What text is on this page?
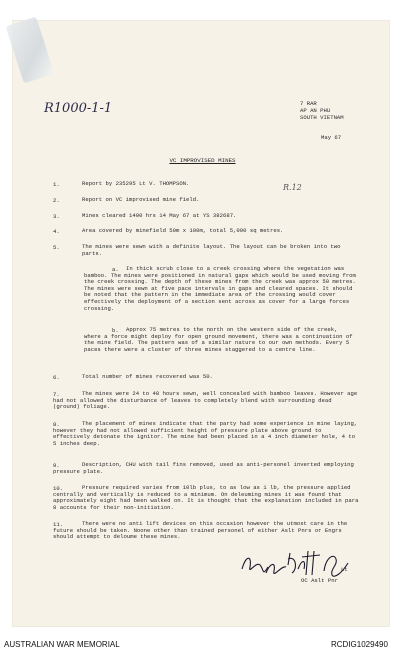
R1000-1-1
R.12
7 RAR
AP AN PHU
SOUTH VIETNAM
May 67
VC IMPROVISED MINES
1.	Report by 235295 Lt V. THOMPSON.
2.	Report on VC improvised mine field.
3.	Mines cleared 1400 hrs 14 May 67 at YS 382687.
4.	Area covered by minefield 50m x 100m, total 5,000 sq metres.
5.	The mines were sewn with a definite layout. The layout can be broken into two parts.
a.	In thick scrub close to a creek crossing where the vegetation was bamboo. The mines were positioned in natural gaps which would be used moving from the creek crossing. The depth of these mines from the creek was approx 50 metres. The mines were sewn at five pace intervals in gaps and cleared spaces. It should be noted that the pattern in the immediate area of the crossing would cover effectively the deployment of a section sent across as cover for a large forces crossing.
b.	Approx 75 metres to the north on the western side of the creek, where a force might deploy for open ground movement, there was a continuation of the mine field. The pattern was of a similar nature to our own methods. Every 5 paces there were a cluster of three mines staggered to a centre line.
6.	Total number of mines recovered was 50.
7.	The mines were 24 to 48 hours sewn, well concealed with bamboo leaves. However age had not allowed the disturbance of leaves to completely blend with surrounding dead (ground) foliage.
8.	The placement of mines indicate that the party had some experience in mine laying, however they had not allowed sufficient height of pressure plate above ground to effectively detonate the ignitor. The mine had been placed in a 4 inch diameter hole, 4 to 5 inches deep.
9.	Description, CHU with tail fins removed, used as anti-personel inverted employing pressure plate.
10.	Pressure required varies from 10lb plus, to as low as 1 lb, the pressure applied centrally and vertically is reduced to a minimum. On deleuming mines it was found that approximately eight had been walked on. It is thought that the explanation included in para 8 accounts for their non-initiation.
11.	There were no anti lift devices on this occasion however the utmost care in the future should be taken. Noone other than trained personel of either Aslt Pnrs or Engrs should attempt to deloume these mines.
Lt
OC Aslt Pnr
AUSTRALIAN WAR MEMORIAL	RCDIG1029490
